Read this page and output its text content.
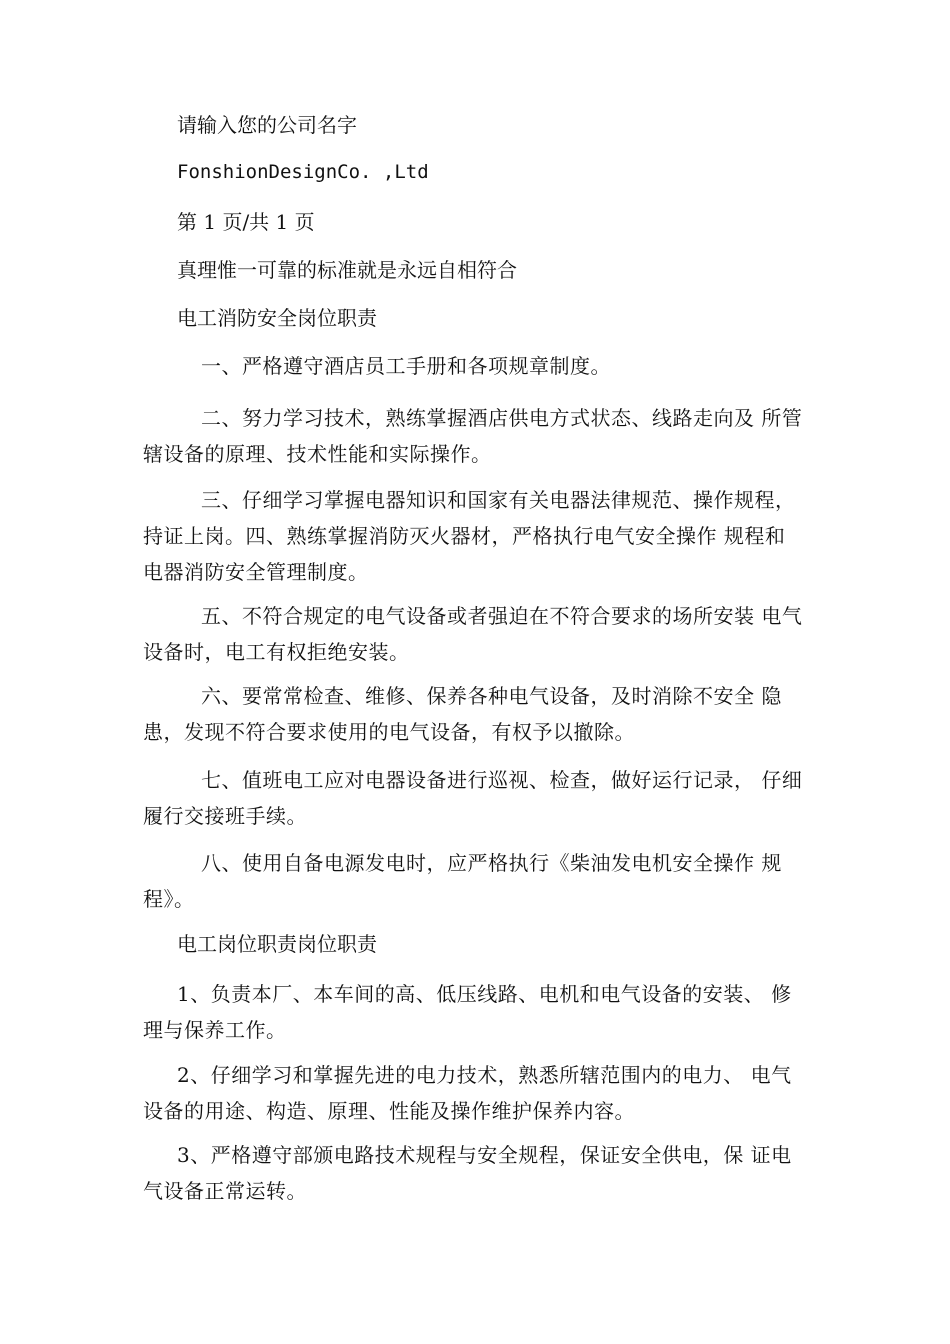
请输入您的公司名字
FonshionDesignCo. ,Ltd
第 1 页/共 1 页
真理惟一可靠的标准就是永远自相符合
电工消防安全岗位职责
一、严格遵守酒店员工手册和各项规章制度。
二、努力学习技术，熟练掌握酒店供电方式状态、线路走向及 所管
辖设备的原理、技术性能和实际操作。
三、仔细学习掌握电器知识和国家有关电器法律规范、操作规程，
持证上岗。四、熟练掌握消防灭火器材，严格执行电气安全操作 规程和
电器消防安全管理制度。
五、不符合规定的电气设备或者强迫在不符合要求的场所安装 电气
设备时，电工有权拒绝安装。
六、要常常检查、维修、保养各种电气设备，及时消除不安全 隐
患，发现不符合要求使用的电气设备，有权予以撤除。
七、值班电工应对电器设备进行巡视、检查，做好运行记录， 仔细
履行交接班手续。
八、使用自备电源发电时，应严格执行《柴油发电机安全操作 规
程》。
电工岗位职责岗位职责
1、负责本厂、本车间的高、低压线路、电机和电气设备的安装、 修
理与保养工作。
2、仔细学习和掌握先进的电力技术，熟悉所辖范围内的电力、 电气
设备的用途、构造、原理、性能及操作维护保养内容。
3、严格遵守部颁电路技术规程与安全规程，保证安全供电，保 证电
气设备正常运转。
